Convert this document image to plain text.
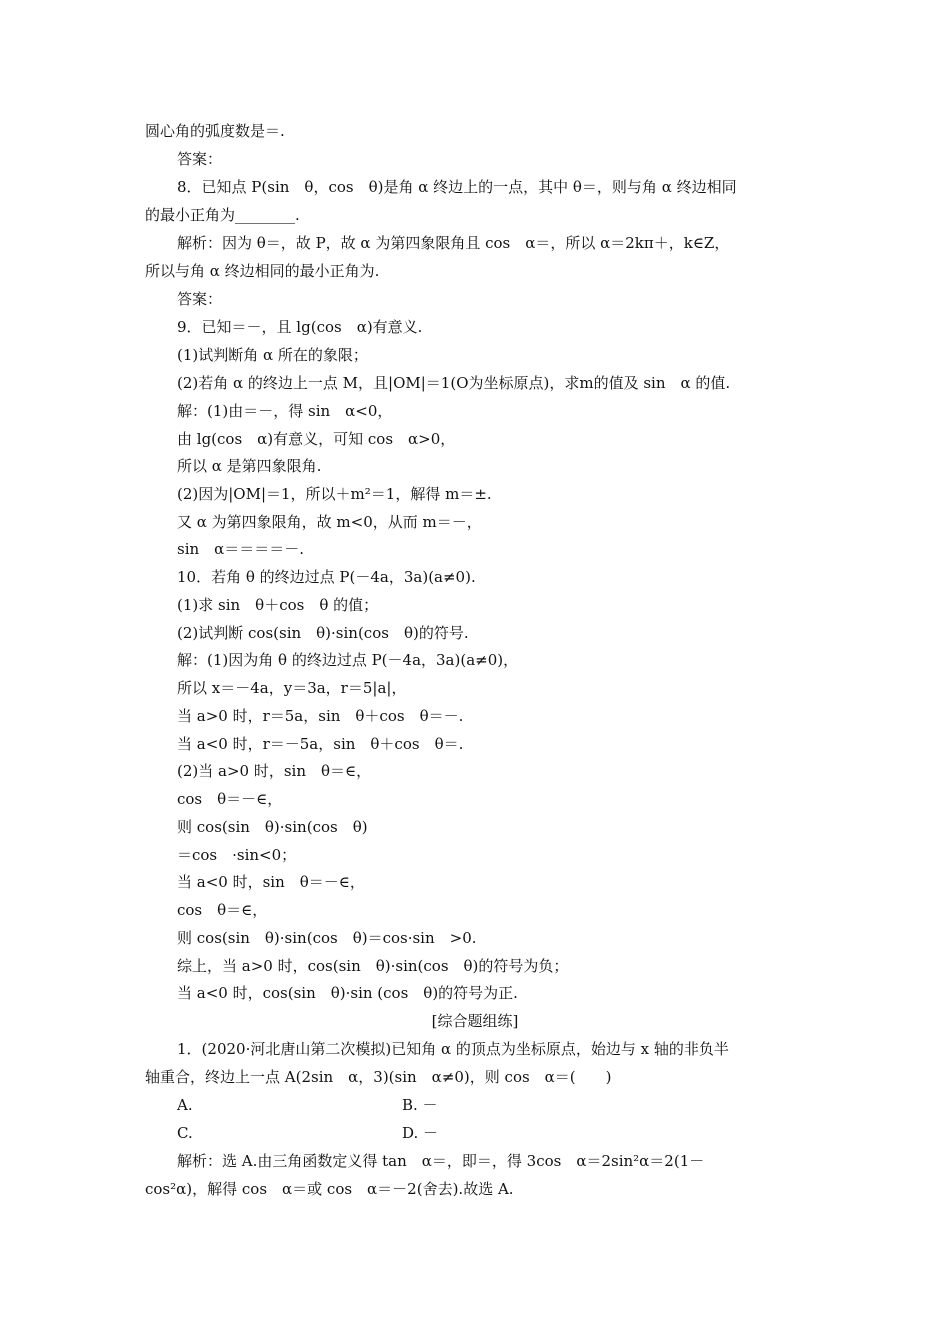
圆心角的弧度数是＝.
答案：
8．已知点 P(sin　θ，cos　θ)是角 α 终边上的一点，其中 θ＝，则与角 α 终边相同
的最小正角为________.
解析：因为 θ＝，故 P，故 α 为第四象限角且 cos　α＝，所以 α＝2kπ＋，k∈Z，
所以与角 α 终边相同的最小正角为.
答案：
9．已知＝－，且 lg(cos　α)有意义.
(1)试判断角 α 所在的象限；
(2)若角 α 的终边上一点 M，且|OM|＝1(O为坐标原点)，求m的值及 sin　α 的值.
解：(1)由＝－，得 sin　α<0，
由 lg(cos　α)有意义，可知 cos　α>0，
所以 α 是第四象限角.
(2)因为|OM|＝1，所以＋m²＝1，解得 m＝±.
又 α 为第四象限角，故 m<0，从而 m＝－，
sin　α＝＝＝＝－.
10．若角 θ 的终边过点 P(－4a，3a)(a≠0).
(1)求 sin　θ＋cos　θ 的值；
(2)试判断 cos(sin　θ)·sin(cos　θ)的符号.
解：(1)因为角 θ 的终边过点 P(－4a，3a)(a≠0)，
所以 x＝－4a，y＝3a，r＝5|a|，
当 a>0 时，r＝5a，sin　θ＋cos　θ＝－.
当 a<0 时，r＝－5a，sin　θ＋cos　θ＝.
(2)当 a>0 时，sin　θ＝∈，
cos　θ＝－∈，
则 cos(sin　θ)·sin(cos　θ)
＝cos　·sin<0；
当 a<0 时，sin　θ＝－∈，
cos　θ＝∈，
则 cos(sin　θ)·sin(cos　θ)＝cos·sin　>0.
综上，当 a>0 时，cos(sin　θ)·sin(cos　θ)的符号为负；
当 a<0 时，cos(sin　θ)·sin (cos　θ)的符号为正.
[综合题组练]
1．(2020·河北唐山第二次模拟)已知角 α 的顶点为坐标原点，始边与 x 轴的非负半
轴重合，终边上一点 A(2sin　α，3)(sin　α≠0)，则 cos　α＝(　　)
A.	B. －
C.	D. －
解析：选 A.由三角函数定义得 tan　α＝，即＝，得 3cos　α＝2sin²α＝2(1－
cos²α)，解得 cos　α＝或 cos　α＝－2(舍去).故选 A.
